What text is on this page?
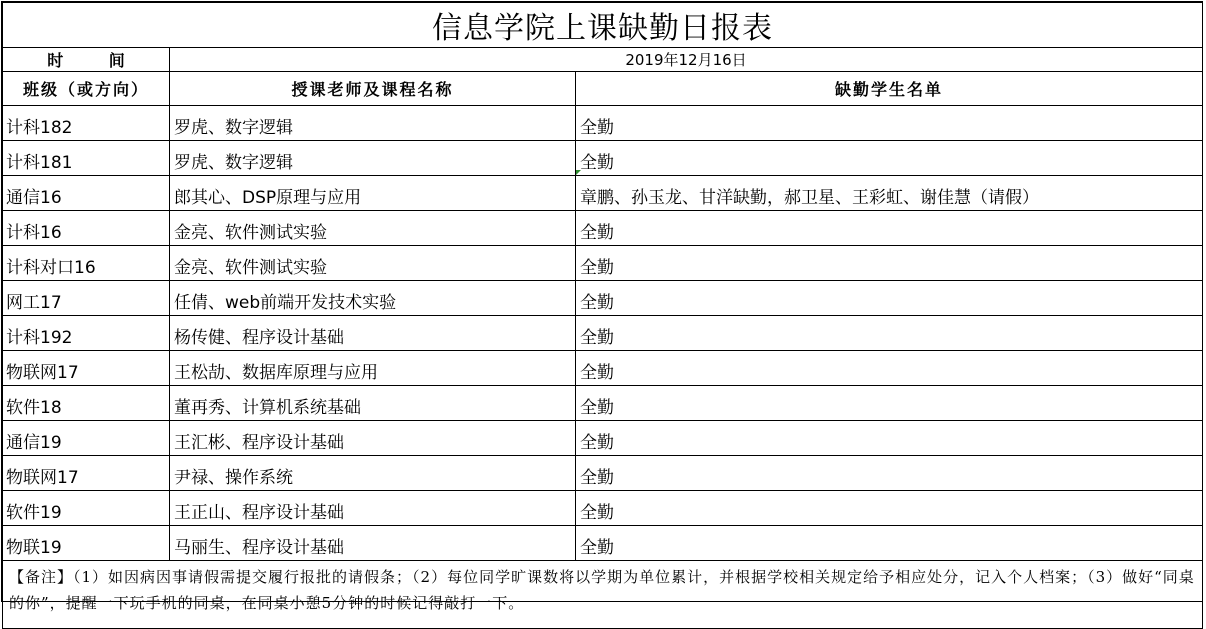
信息学院上课缺勤日报表		
时 间	2019年12月16日	
班级（或方向）	授课老师及课程名称	缺勤学生名单
计科182	罗虎、数字逻辑	全勤
计科181	罗虎、数字逻辑	全勤
通信16	郎其心、DSP原理与应用	章鹏、孙玉龙、甘洋缺勤，郝卫星、王彩虹、谢佳慧（请假）
计科16	金亮、软件测试实验	全勤
计科对口16	金亮、软件测试实验	全勤
网工17	任倩、web前端开发技术实验	全勤
计科192	杨传健、程序设计基础	全勤
物联网17	王松劼、数据库原理与应用	全勤
软件18	董再秀、计算机系统基础	全勤
通信19	王汇彬、程序设计基础	全勤
物联网17	尹禄、操作系统	全勤
软件19	王正山、程序设计基础	全勤
物联19	马丽生、程序设计基础	全勤
【备注】（1）如因病因事请假需提交履行报批的请假条；（2）每位同学旷课数将以学期为单位累计，并根据学校相关规定给予相应处分，记入个人档案；（3）做好“同桌的你”，提醒一下玩手机的同桌，在同桌小憩5分钟的时候记得敲打一下。		
